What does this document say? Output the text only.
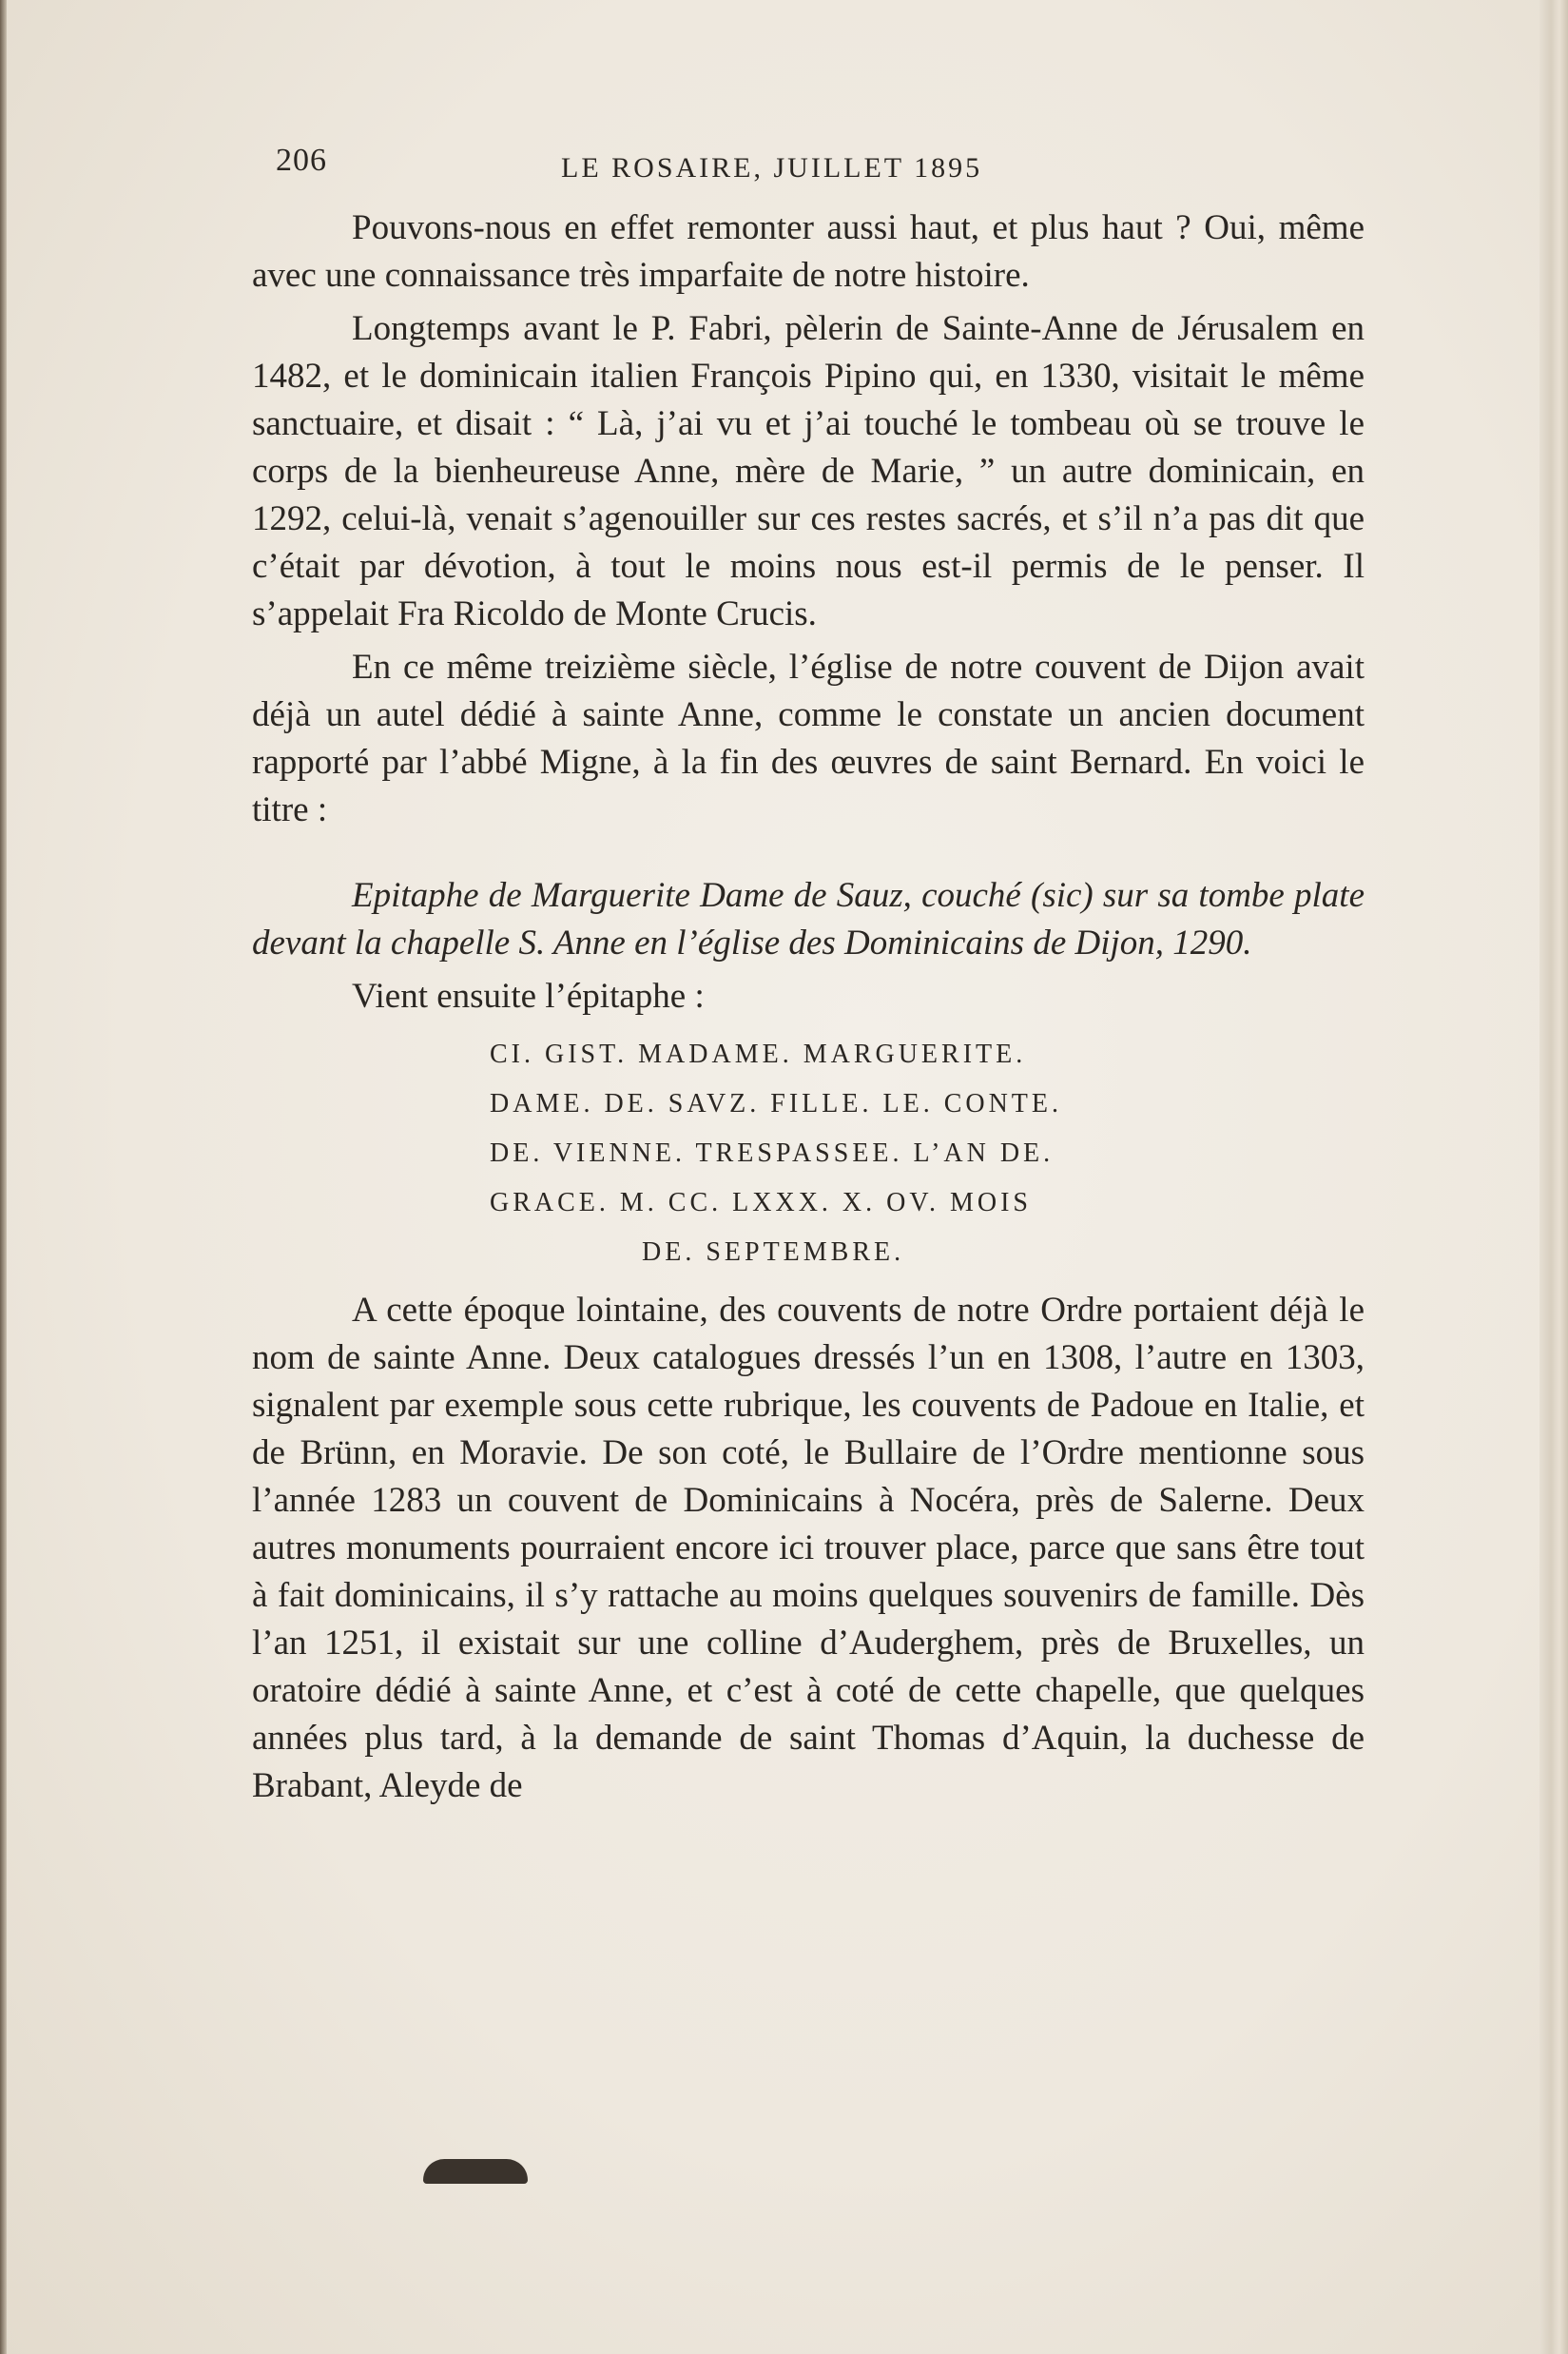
206	LE ROSAIRE, JUILLET 1895

Pouvons-nous en effet remonter aussi haut, et plus haut ? Oui, même avec une connaissance très imparfaite de notre histoire.

Longtemps avant le P. Fabri, pèlerin de Sainte-Anne de Jérusalem en 1482, et le dominicain italien François Pipino qui, en 1330, visitait le même sanctuaire, et disait : “ Là, j’ai vu et j’ai touché le tombeau où se trouve le corps de la bienheureuse Anne, mère de Marie, ” un autre dominicain, en 1292, celui-là, venait s’agenouiller sur ces restes sacrés, et s’il n’a pas dit que c’était par dévotion, à tout le moins nous est-il permis de le penser. Il s’appelait Fra Ricoldo de Monte Crucis.

En ce même treizième siècle, l’église de notre couvent de Dijon avait déjà un autel dédié à sainte Anne, comme le constate un ancien document rapporté par l’abbé Migne, à la fin des œuvres de saint Bernard. En voici le titre :

Epitaphe de Marguerite Dame de Sauz, couché (sic) sur sa tombe plate devant la chapelle S. Anne en l’église des Dominicains de Dijon, 1290.

Vient ensuite l’épitaphe :

CI. GIST. MADAME. MARGUERITE.
DAME. DE. SAVZ. FILLE. LE. CONTE.
DE. VIENNE. TRESPASSEE. L’AN DE.
GRACE. M. CC. LXXX. X. OV. MOIS
DE. SEPTEMBRE.

A cette époque lointaine, des couvents de notre Ordre portaient déjà le nom de sainte Anne. Deux catalogues dressés l’un en 1308, l’autre en 1303, signalent par exemple sous cette rubrique, les couvents de Padoue en Italie, et de Brünn, en Moravie. De son coté, le Bullaire de l’Ordre mentionne sous l’année 1283 un couvent de Dominicains à Nocéra, près de Salerne. Deux autres monuments pourraient encore ici trouver place, parce que sans être tout à fait dominicains, il s’y rattache au moins quelques souvenirs de famille. Dès l’an 1251, il existait sur une colline d’Auderghem, près de Bruxelles, un oratoire dédié à sainte Anne, et c’est à coté de cette chapelle, que quelques années plus tard, à la demande de saint Thomas d’Aquin, la duchesse de Brabant, Aleyde de
